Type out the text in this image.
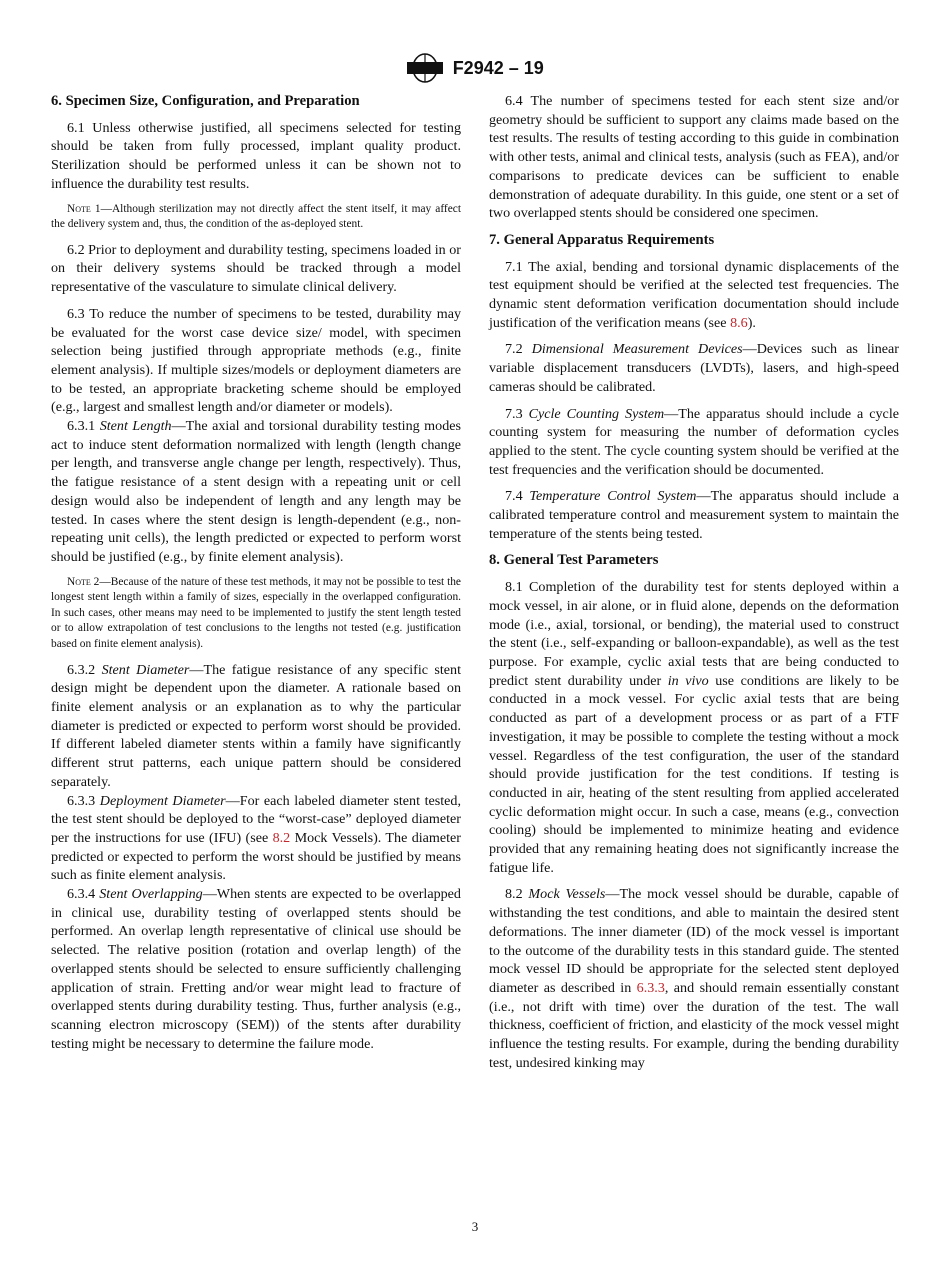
F2942 – 19
6. Specimen Size, Configuration, and Preparation

6.1 Unless otherwise justified, all specimens selected for testing should be taken from fully processed, implant quality product. Sterilization should be performed unless it can be shown not to influence the durability test results.

Note 1—Although sterilization may not directly affect the stent itself, it may affect the delivery system and, thus, the condition of the as-deployed stent.

6.2 Prior to deployment and durability testing, specimens loaded in or on their delivery systems should be tracked through a model representative of the vasculature to simulate clinical delivery.

6.3 To reduce the number of specimens to be tested, durability may be evaluated for the worst case device size/ model, with specimen selection being justified through appropriate methods (e.g., finite element analysis). If multiple sizes/models or deployment diameters are to be tested, an appropriate bracketing scheme should be employed (e.g., largest and smallest length and/or diameter or models).

6.3.1 Stent Length—The axial and torsional durability testing modes act to induce stent deformation normalized with length (length change per length, and transverse angle change per length, respectively). Thus, the fatigue resistance of a stent design with a repeating unit or cell design would also be independent of length and any length may be tested. In cases where the stent design is length-dependent (e.g., non-repeating unit cells), the length predicted or expected to perform worst should be justified (e.g., by finite element analysis).

Note 2—Because of the nature of these test methods, it may not be possible to test the longest stent length within a family of sizes, especially in the overlapped configuration. In such cases, other means may need to be implemented to justify the stent length tested or to allow extrapolation of test conclusions to the lengths not tested (e.g. justification based on finite element analysis).

6.3.2 Stent Diameter—The fatigue resistance of any specific stent design might be dependent upon the diameter. A rationale based on finite element analysis or an explanation as to why the particular diameter is predicted or expected to perform worst should be provided. If different labeled diameter stents within a family have significantly different strut patterns, each unique pattern should be considered separately.

6.3.3 Deployment Diameter—For each labeled diameter stent tested, the test stent should be deployed to the “worst-case” deployed diameter per the instructions for use (IFU) (see 8.2 Mock Vessels). The diameter predicted or expected to perform the worst should be justified by means such as finite element analysis.

6.3.4 Stent Overlapping—When stents are expected to be overlapped in clinical use, durability testing of overlapped stents should be performed. An overlap length representative of clinical use should be selected. The relative position (rotation and overlap length) of the overlapped stents should be selected to ensure sufficiently challenging application of strain. Fretting and/or wear might lead to fracture of overlapped stents during durability testing. Thus, further analysis (e.g., scanning electron microscopy (SEM)) of the stents after durability testing might be necessary to determine the failure mode.

6.4 The number of specimens tested for each stent size and/or geometry should be sufficient to support any claims made based on the test results. The results of testing according to this guide in combination with other tests, animal and clinical tests, analysis (such as FEA), and/or comparisons to predicate devices can be sufficient to enable demonstration of adequate durability. In this guide, one stent or a set of two overlapped stents should be considered one specimen.

7. General Apparatus Requirements

7.1 The axial, bending and torsional dynamic displacements of the test equipment should be verified at the selected test frequencies. The dynamic stent deformation verification documentation should include justification of the verification means (see 8.6).

7.2 Dimensional Measurement Devices—Devices such as linear variable displacement transducers (LVDTs), lasers, and high-speed cameras should be calibrated.

7.3 Cycle Counting System—The apparatus should include a cycle counting system for measuring the number of deformation cycles applied to the stent. The cycle counting system should be verified at the test frequencies and the verification should be documented.

7.4 Temperature Control System—The apparatus should include a calibrated temperature control and measurement system to maintain the temperature of the stents being tested.

8. General Test Parameters

8.1 Completion of the durability test for stents deployed within a mock vessel, in air alone, or in fluid alone, depends on the deformation mode (i.e., axial, torsional, or bending), the material used to construct the stent (i.e., self-expanding or balloon-expandable), as well as the test purpose. For example, cyclic axial tests that are being conducted to predict stent durability under in vivo use conditions are likely to be conducted in a mock vessel. For cyclic axial tests that are being conducted as part of a development process or as part of a FTF investigation, it may be possible to complete the testing without a mock vessel. Regardless of the test configuration, the user of the standard should provide justification for the test conditions. If testing is conducted in air, heating of the stent resulting from applied accelerated cyclic deformation might occur. In such a case, means (e.g., convection cooling) should be implemented to minimize heating and evidence provided that any remaining heating does not significantly increase the fatigue life.

8.2 Mock Vessels—The mock vessel should be durable, capable of withstanding the test conditions, and able to maintain the desired stent deformations. The inner diameter (ID) of the mock vessel is important to the outcome of the durability tests in this standard guide. The stented mock vessel ID should be appropriate for the selected stent deployed diameter as described in 6.3.3, and should remain essentially constant (i.e., not drift with time) over the duration of the test. The wall thickness, coefficient of friction, and elasticity of the mock vessel might influence the testing results. For example, during the bending durability test, undesired kinking may

3
